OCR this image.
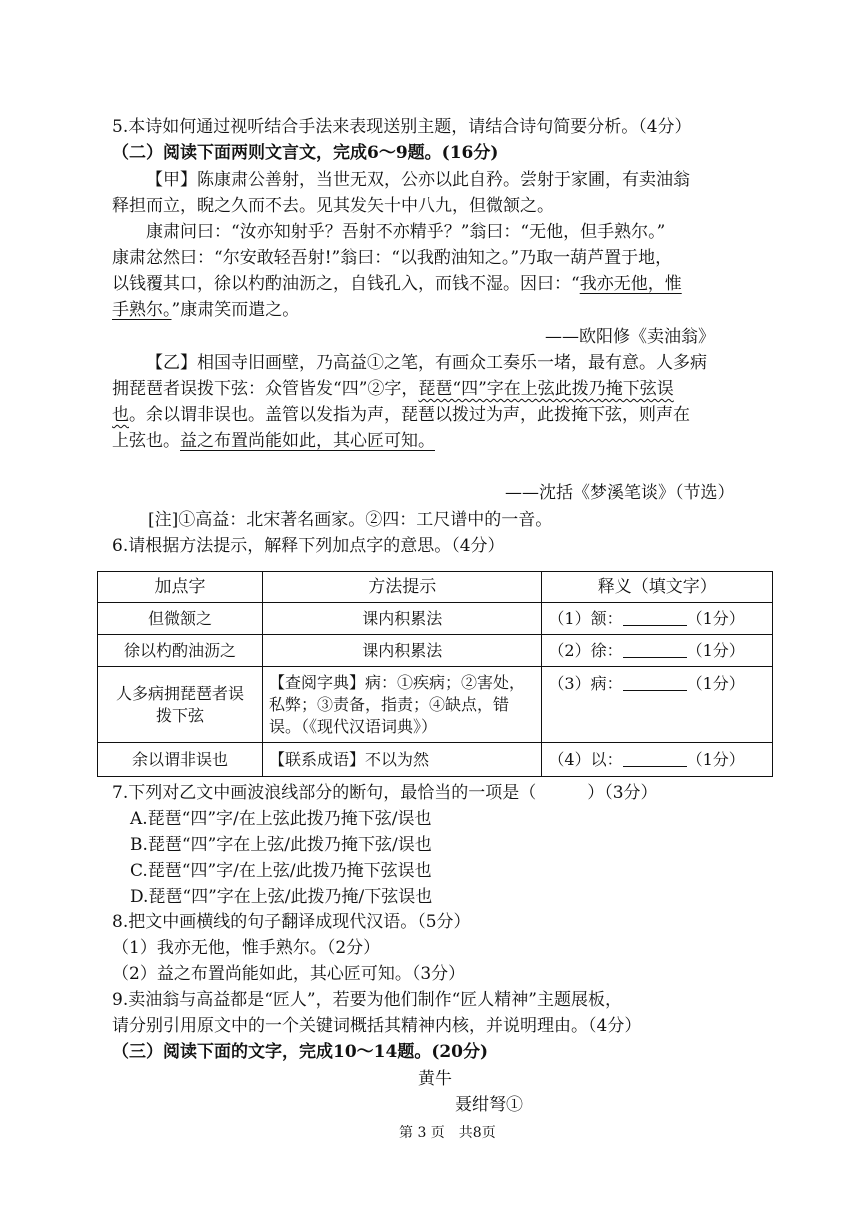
5.本诗如何通过视听结合手法来表现送别主题，请结合诗句简要分析。（4分）
（二）阅读下面两则文言文，完成6～9题。(16分)
【甲】陈康肃公善射，当世无双，公亦以此自矜。尝射于家圃，有卖油翁
释担而立，睨之久而不去。见其发矢十中八九，但微颔之。
康肃问曰：“汝亦知射乎？吾射不亦精乎？”翁曰：“无他，但手熟尔。”
康肃忿然曰：“尔安敢轻吾射!”翁曰：“以我酌油知之。”乃取一葫芦置于地，
以钱覆其口，徐以杓酌油沥之，自钱孔入，而钱不湿。因曰：“我亦无他，惟
手熟尔。”康肃笑而遣之。
——欧阳修《卖油翁》
【乙】相国寺旧画壁，乃高益①之笔，有画众工奏乐一堵，最有意。人多病
拥琵琶者误拨下弦：众管皆发“四”②字，琵琶“四”字在上弦此拨乃掩下弦误
也。余以谓非误也。盖管以发指为声，琵琶以拨过为声，此拨掩下弦，则声在
上弦也。益之布置尚能如此，其心匠可知。
——沈括《梦溪笔谈》（节选）
[注]①高益：北宋著名画家。②四：工尺谱中的一音。
6.请根据方法提示，解释下列加点字的意思。（4分）
加点字	方法提示	释义（填文字）
但微颔之	课内积累法	（1）颔： （1分）
徐以杓酌油沥之	课内积累法	（2）徐： （1分）
人多病拥琵琶者误拨下弦	【查阅字典】病：①疾病；②害处，私弊；③责备，指责；④缺点，错误。（《现代汉语词典》）	（3）病： （1分）
余以谓非误也	【联系成语】不以为然	（4）以： （1分）
7.下列对乙文中画波浪线部分的断句，最恰当的一项是（　　　）（3分）
A.琵琶“四”字/在上弦此拨乃掩下弦/误也
B.琵琶“四”字在上弦/此拨乃掩下弦/误也
C.琵琶“四”字/在上弦/此拨乃掩下弦误也
D.琵琶“四”字在上弦/此拨乃掩/下弦误也
8.把文中画横线的句子翻译成现代汉语。（5分）
（1）我亦无他，惟手熟尔。（2分）
（2）益之布置尚能如此，其心匠可知。（3分）
9.卖油翁与高益都是“匠人”，若要为他们制作“匠人精神”主题展板，
请分别引用原文中的一个关键词概括其精神内核，并说明理由。（4分）
（三）阅读下面的文字，完成10～14题。(20分)
黄牛
聂绀弩①
第 3 页　共8页
